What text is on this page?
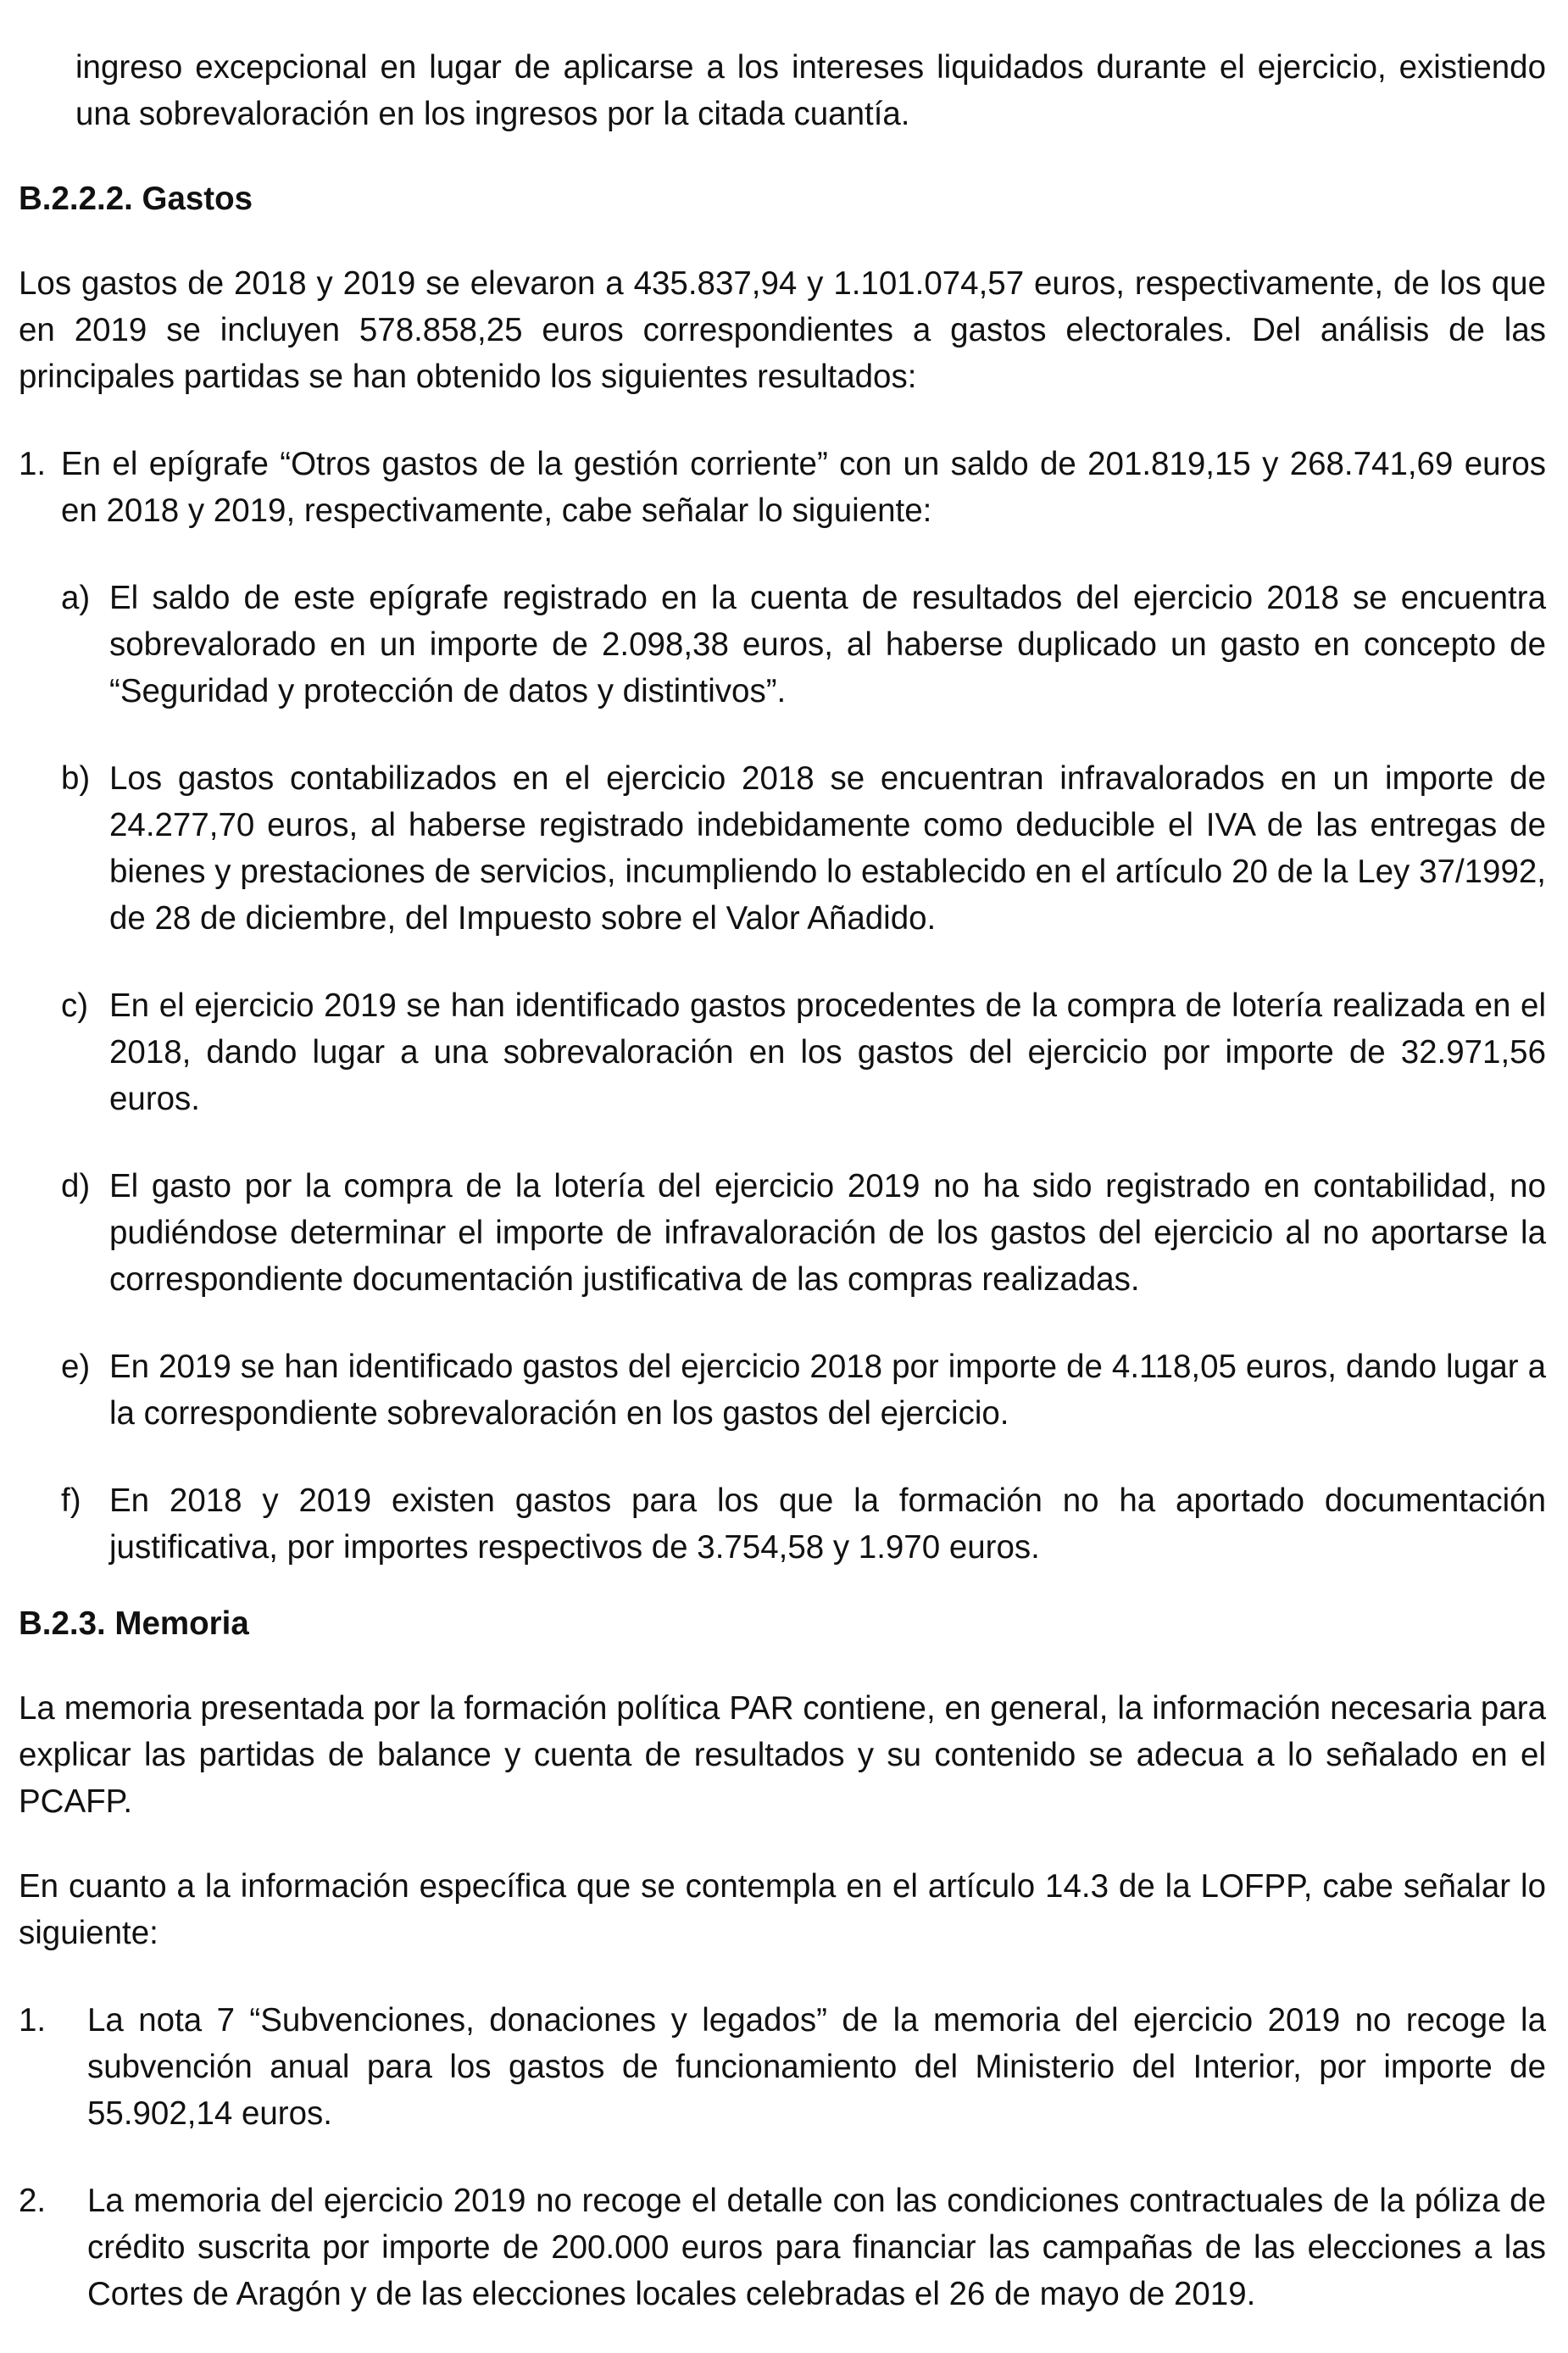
ingreso excepcional en lugar de aplicarse a los intereses liquidados durante el ejercicio, existiendo una sobrevaloración en los ingresos por la citada cuantía.

B.2.2.2. Gastos

Los gastos de 2018 y 2019 se elevaron a 435.837,94 y 1.101.074,57 euros, respectivamente, de los que en 2019 se incluyen 578.858,25 euros correspondientes a gastos electorales. Del análisis de las principales partidas se han obtenido los siguientes resultados:

1. En el epígrafe “Otros gastos de la gestión corriente” con un saldo de 201.819,15 y 268.741,69 euros en 2018 y 2019, respectivamente, cabe señalar lo siguiente:
a) El saldo de este epígrafe registrado en la cuenta de resultados del ejercicio 2018 se encuentra sobrevalorado en un importe de 2.098,38 euros, al haberse duplicado un gasto en concepto de “Seguridad y protección de datos y distintivos”.
b) Los gastos contabilizados en el ejercicio 2018 se encuentran infravalorados en un importe de 24.277,70 euros, al haberse registrado indebidamente como deducible el IVA de las entregas de bienes y prestaciones de servicios, incumpliendo lo establecido en el artículo 20 de la Ley 37/1992, de 28 de diciembre, del Impuesto sobre el Valor Añadido.
c) En el ejercicio 2019 se han identificado gastos procedentes de la compra de lotería realizada en el 2018, dando lugar a una sobrevaloración en los gastos del ejercicio por importe de 32.971,56 euros.
d) El gasto por la compra de la lotería del ejercicio 2019 no ha sido registrado en contabilidad, no pudiéndose determinar el importe de infravaloración de los gastos del ejercicio al no aportarse la correspondiente documentación justificativa de las compras realizadas.
e) En 2019 se han identificado gastos del ejercicio 2018 por importe de 4.118,05 euros, dando lugar a la correspondiente sobrevaloración en los gastos del ejercicio.
f) En 2018 y 2019 existen gastos para los que la formación no ha aportado documentación justificativa, por importes respectivos de 3.754,58 y 1.970 euros.

B.2.3. Memoria

La memoria presentada por la formación política PAR contiene, en general, la información necesaria para explicar las partidas de balance y cuenta de resultados y su contenido se adecua a lo señalado en el PCAFP.

En cuanto a la información específica que se contempla en el artículo 14.3 de la LOFPP, cabe señalar lo siguiente:

1. La nota 7 “Subvenciones, donaciones y legados” de la memoria del ejercicio 2019 no recoge la subvención anual para los gastos de funcionamiento del Ministerio del Interior, por importe de 55.902,14 euros.
2. La memoria del ejercicio 2019 no recoge el detalle con las condiciones contractuales de la póliza de crédito suscrita por importe de 200.000 euros para financiar las campañas de las elecciones a las Cortes de Aragón y de las elecciones locales celebradas el 26 de mayo de 2019.
